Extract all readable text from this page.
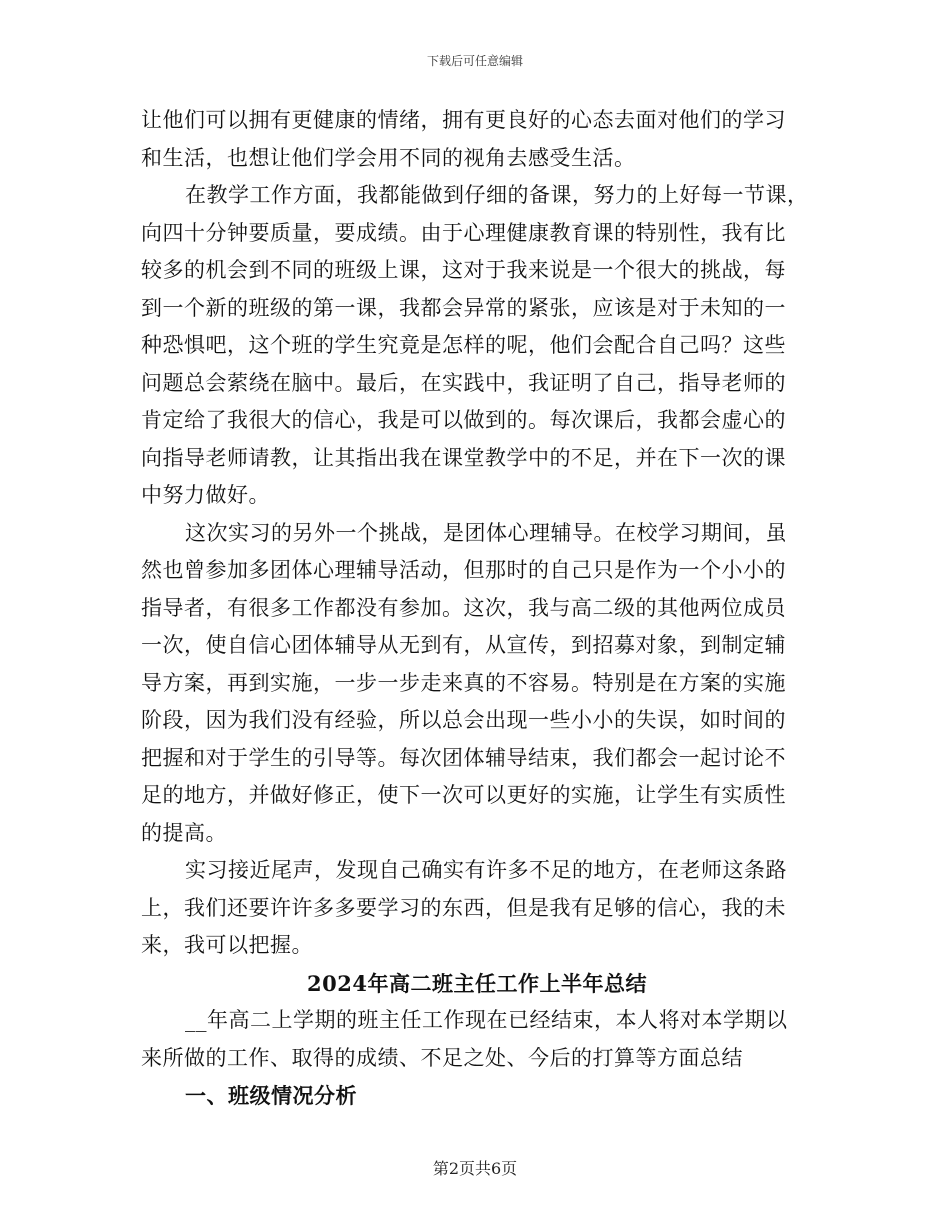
下载后可任意编辑
让他们可以拥有更健康的情绪，拥有更良好的心态去面对他们的学习
和生活，也想让他们学会用不同的视角去感受生活。
在教学工作方面，我都能做到仔细的备课，努力的上好每一节课，
向四十分钟要质量，要成绩。由于心理健康教育课的特别性，我有比
较多的机会到不同的班级上课，这对于我来说是一个很大的挑战，每
到一个新的班级的第一课，我都会异常的紧张，应该是对于未知的一
种恐惧吧，这个班的学生究竟是怎样的呢，他们会配合自己吗？这些
问题总会萦绕在脑中。最后，在实践中，我证明了自己，指导老师的
肯定给了我很大的信心，我是可以做到的。每次课后，我都会虚心的
向指导老师请教，让其指出我在课堂教学中的不足，并在下一次的课
中努力做好。
这次实习的另外一个挑战，是团体心理辅导。在校学习期间，虽
然也曾参加多团体心理辅导活动，但那时的自己只是作为一个小小的
指导者，有很多工作都没有参加。这次，我与高二级的其他两位成员
一次，使自信心团体辅导从无到有，从宣传，到招募对象，到制定辅
导方案，再到实施，一步一步走来真的不容易。特别是在方案的实施
阶段，因为我们没有经验，所以总会出现一些小小的失误，如时间的
把握和对于学生的引导等。每次团体辅导结束，我们都会一起讨论不
足的地方，并做好修正，使下一次可以更好的实施，让学生有实质性
的提高。
实习接近尾声，发现自己确实有许多不足的地方，在老师这条路
上，我们还要许许多多要学习的东西，但是我有足够的信心，我的未
来，我可以把握。
2024年高二班主任工作上半年总结
__年高二上学期的班主任工作现在已经结束，本人将对本学期以
来所做的工作、取得的成绩、不足之处、今后的打算等方面总结
一、班级情况分析
第2页共6页
